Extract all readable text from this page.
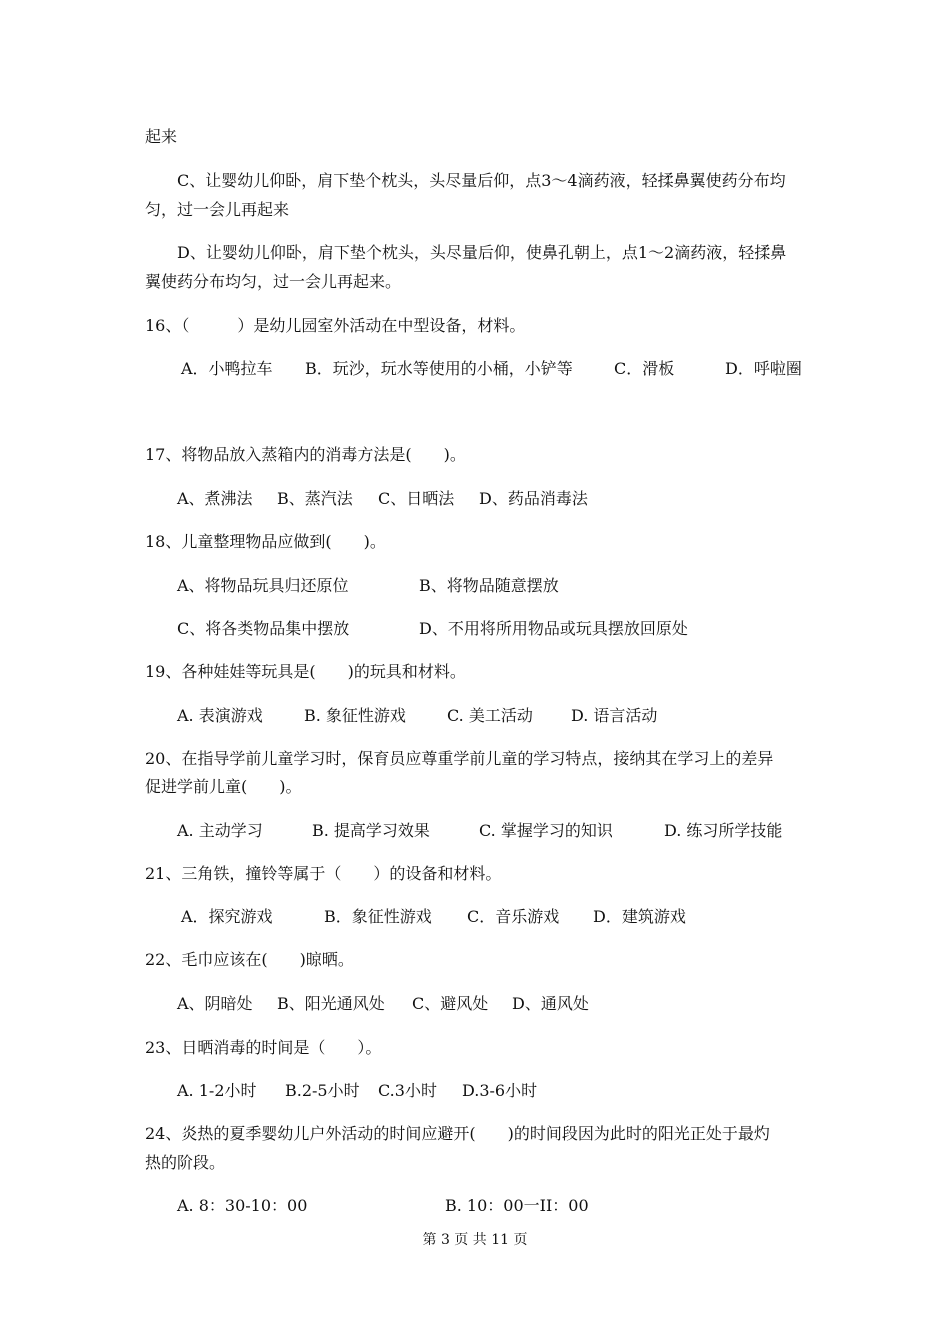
起来
C、让婴幼儿仰卧，肩下垫个枕头，头尽量后仰，点3～4滴药液，轻揉鼻翼使药分布均
匀，过一会儿再起来
D、让婴幼儿仰卧，肩下垫个枕头，头尽量后仰，使鼻孔朝上，点1～2滴药液，轻揉鼻
翼使药分布均匀，过一会儿再起来。
16、（　　　）是幼儿园室外活动在中型设备，材料。
A．小鸭拉车 B．玩沙，玩水等使用的小桶，小铲等	C．滑板	D．呼啦圈
17、将物品放入蒸箱内的消毒方法是(　　)。
A、煮沸法 B、蒸汽法 C、日晒法 D、药品消毒法
18、儿童整理物品应做到(　　)。
A、将物品玩具归还原位	B、将物品随意摆放
C、将各类物品集中摆放	D、不用将所用物品或玩具摆放回原处
19、各种娃娃等玩具是(　　)的玩具和材料。
A. 表演游戏	B. 象征性游戏	C. 美工活动 D. 语言活动
20、在指导学前儿童学习时，保育员应尊重学前儿童的学习特点，接纳其在学习上的差异
促进学前儿童(　　)。
A. 主动学习	B. 提高学习效果	C. 掌握学习的知识	D. 练习所学技能
21、三角铁，撞铃等属于（　　）的设备和材料。
A．探究游戏	B．象征性游戏 C．音乐游戏 D．建筑游戏
22、毛巾应该在(　　)晾晒。
A、阴暗处 B、阳光通风处 C、避风处 D、通风处
23、日晒消毒的时间是（　　）。
A. 1-2小时 B.2-5小时 C.3小时 D.3-6小时
24、炎热的夏季婴幼儿户外活动的时间应避开(　　)的时间段因为此时的阳光正处于最灼
热的阶段。
A. 8：30-10：00	B. 10：00一II：00
第 3 页 共 11 页
